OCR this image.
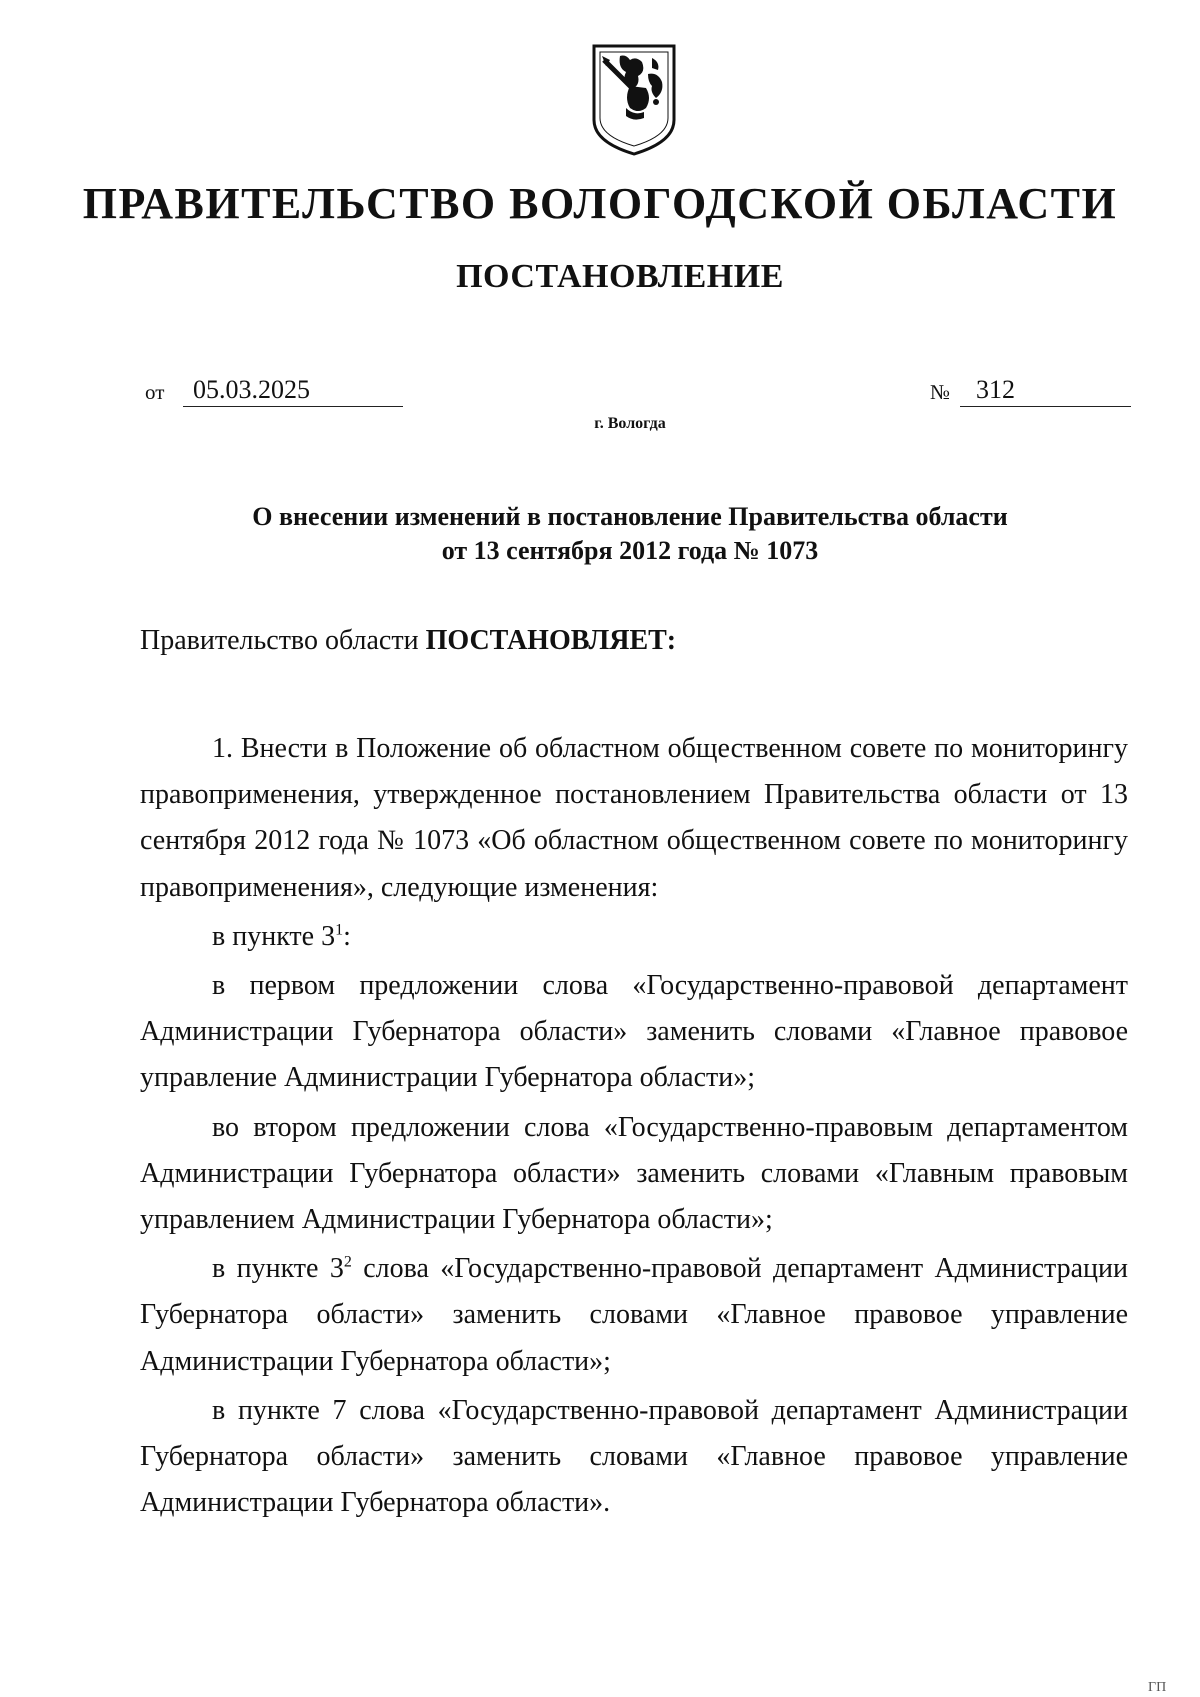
ПРАВИТЕЛЬСТВО ВОЛОГОДСКОЙ ОБЛАСТИ
ПОСТАНОВЛЕНИЕ
от	05.03.2025	№ 312
г. Вологда
О внесении изменений в постановление Правительства области
от 13 сентября 2012 года № 1073
Правительство области ПОСТАНОВЛЯЕТ:

1. Внести в Положение об областном общественном совете по мониторингу правоприменения, утвержденное постановлением Правительства области от 13 сентября 2012 года № 1073 «Об областном общественном совете по мониторингу правоприменения», следующие изменения:

в пункте $3^1$:

в первом предложении слова «Государственно-правовой департамент Администрации Губернатора области» заменить словами «Главное правовое управление Администрации Губернатора области»;

во втором предложении слова «Государственно-правовым департаментом Администрации Губернатора области» заменить словами «Главным правовым управлением Администрации Губернатора области»;

в пункте $3^2$ слова «Государственно-правовой департамент Администрации Губернатора области» заменить словами «Главное правовое управление Администрации Губернатора области»;

в пункте 7 слова «Государственно-правовой департамент Администрации Губернатора области» заменить словами «Главное правовое управление Администрации Губернатора области».

ГП
